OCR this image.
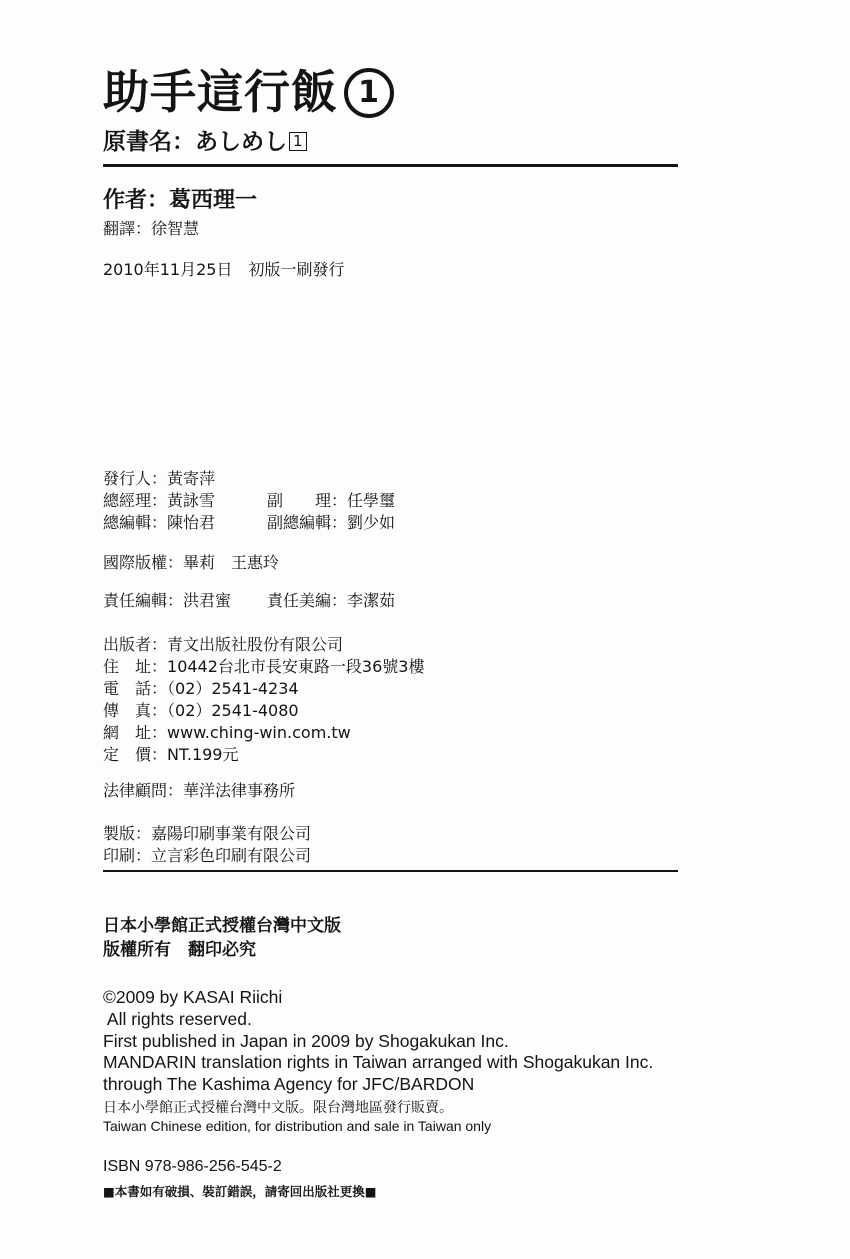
助手這行飯 1
原書名：あしめし 1
作者：葛西理一
翻譯：徐智慧
2010年11月25日 初版一刷發行
發行人：黃寄萍
總經理：黃詠雪	副　　理：任學璽
總編輯：陳怡君	副總編輯：劉少如
國際版權：畢莉　王惠玲
責任編輯：洪君蜜	責任美編：李潔茹
出版者 ：青文出版社股份有限公司
住　址 ：10442台北市長安東路一段36號3樓
電　話 ：（02）2541-4234
傳　真 ：（02）2541-4080
網　址 ：www.ching-win.com.tw
定　價 ：NT.199元
法律顧問：華洋法律事務所
製版：嘉陽印刷事業有限公司
印刷：立言彩色印刷有限公司
日本小學館正式授權台灣中文版
版權所有　翻印必究
©2009 by KASAI Riichi
All rights reserved.
First published in Japan in 2009 by Shogakukan Inc.
MANDARIN translation rights in Taiwan arranged with Shogakukan Inc.
through The Kashima Agency for JFC/BARDON
日本小學館正式授權台灣中文版。限台灣地區發行販賣。
Taiwan Chinese edition, for distribution and sale in Taiwan only
ISBN 978-986-256-545-2
■本書如有破損、裝訂錯誤，請寄回出版社更換■
